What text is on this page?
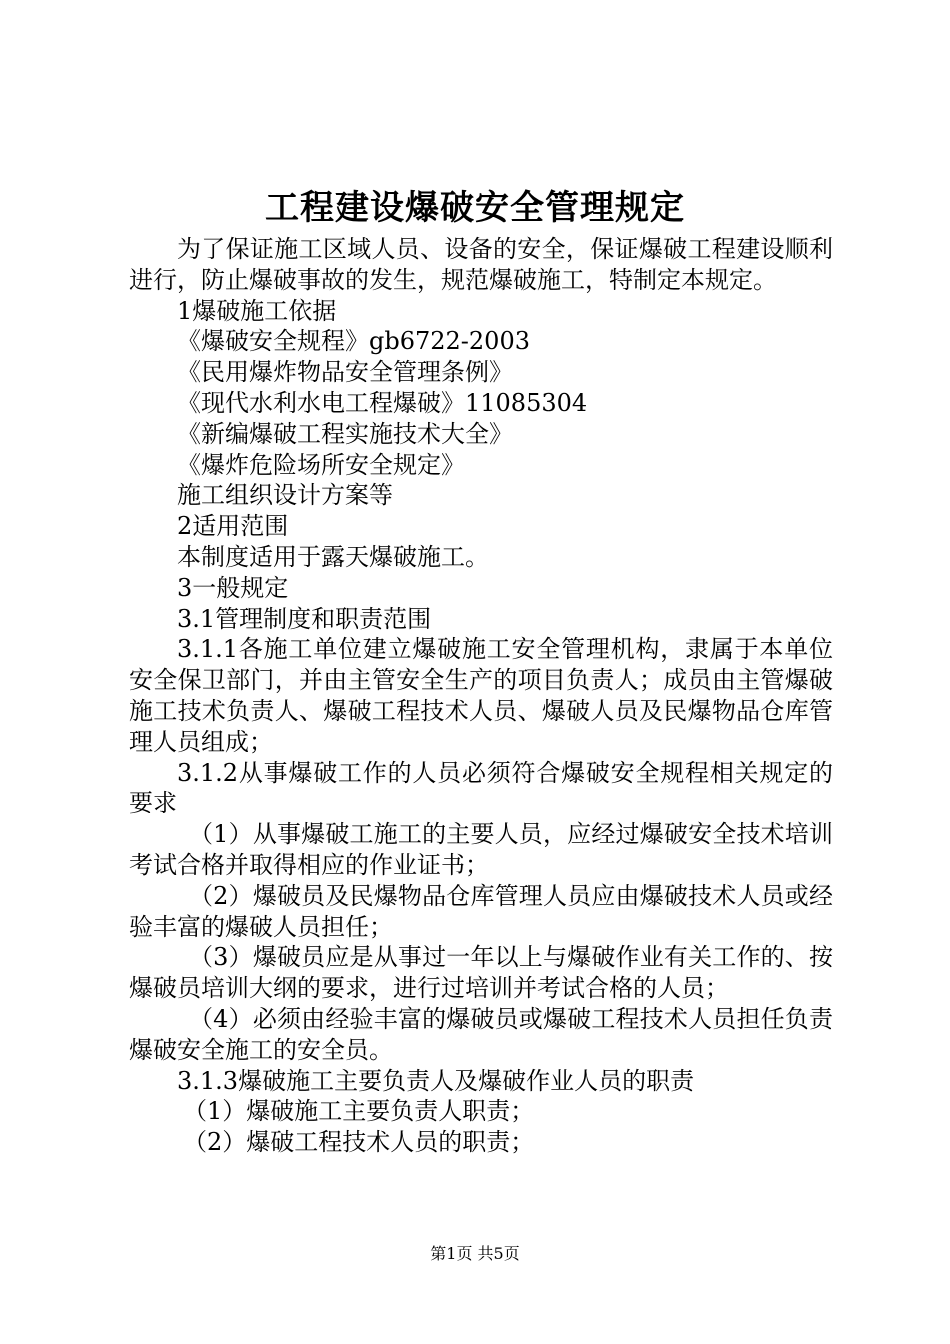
工程建设爆破安全管理规定

为了保证施工区域人员、设备的安全，保证爆破工程建设顺利进行，防止爆破事故的发生，规范爆破施工，特制定本规定。

1爆破施工依据

《爆破安全规程》gb6722-2003

《民用爆炸物品安全管理条例》

《现代水利水电工程爆破》11085304

《新编爆破工程实施技术大全》

《爆炸危险场所安全规定》

施工组织设计方案等

2适用范围

本制度适用于露天爆破施工。

3一般规定

3.1管理制度和职责范围

3.1.1各施工单位建立爆破施工安全管理机构，隶属于本单位安全保卫部门，并由主管安全生产的项目负责人；成员由主管爆破施工技术负责人、爆破工程技术人员、爆破人员及民爆物品仓库管理人员组成；

3.1.2从事爆破工作的人员必须符合爆破安全规程相关规定的要求

（1）从事爆破工施工的主要人员，应经过爆破安全技术培训考试合格并取得相应的作业证书；

（2）爆破员及民爆物品仓库管理人员应由爆破技术人员或经验丰富的爆破人员担任；

（3）爆破员应是从事过一年以上与爆破作业有关工作的、按爆破员培训大纲的要求，进行过培训并考试合格的人员；

（4）必须由经验丰富的爆破员或爆破工程技术人员担任负责爆破安全施工的安全员。

3.1.3爆破施工主要负责人及爆破作业人员的职责

（1）爆破施工主要负责人职责；

（2）爆破工程技术人员的职责；

第1页 共5页
